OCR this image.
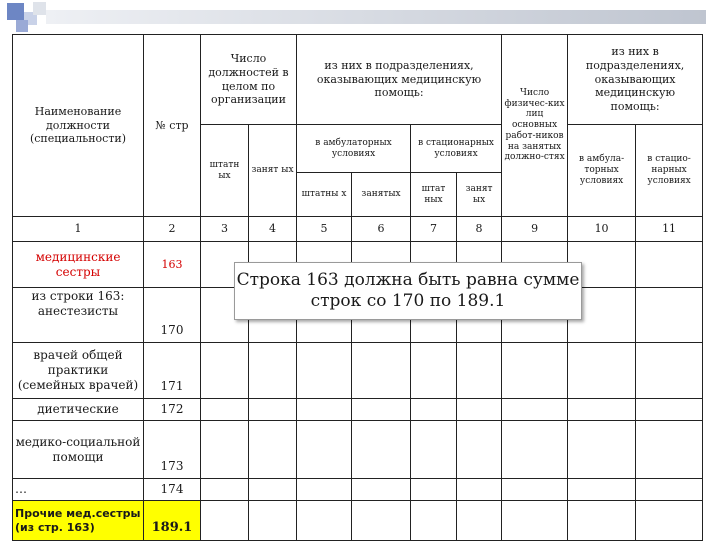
Наименование должности (специальности)	№ стр	Число должностей в целом по организации		из них в подразделениях, оказывающих медицинскую помощь:				Число физичес-ких лиц основных работ-ников на занятых должно-стях	из них в подразделениях, оказывающих медицинскую помощь:	
		штатн ых	занят ых	в амбулаторных условиях		в стационарных условиях			в амбула-торных условиях	в стацио-нарных условиях
				штатны х	занятых	штат ных	занят ых			
1	2	3	4	5	6	7	8	9	10	11
медицинские сестры	163									
из строки 163: анестезисты	170									
врачей общей практики (семейных врачей)	171									
диетические	172									
медико-социальной помощи	173									
…	174									
Прочие мед.сестры (из стр. 163)	189.1									
Строка 163 должна быть равна сумме строк со 170 по 189.1
